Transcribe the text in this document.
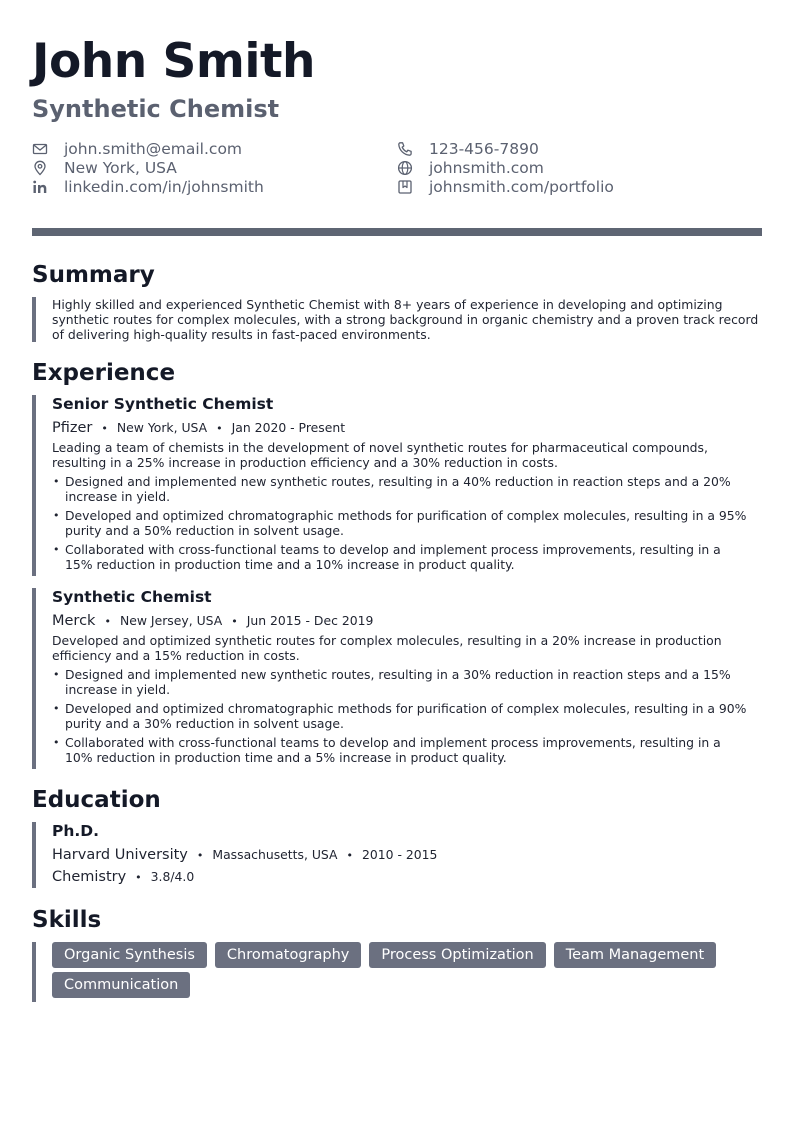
John Smith
Synthetic Chemist
john.smith@email.com
New York, USA
linkedin.com/in/johnsmith
123-456-7890
johnsmith.com
johnsmith.com/portfolio
Summary
Highly skilled and experienced Synthetic Chemist with 8+ years of experience in developing and optimizing synthetic routes for complex molecules, with a strong background in organic chemistry and a proven track record of delivering high-quality results in fast-paced environments.
Experience
Senior Synthetic Chemist
Pfizer • New York, USA • Jan 2020 - Present
Leading a team of chemists in the development of novel synthetic routes for pharmaceutical compounds, resulting in a 25% increase in production efficiency and a 30% reduction in costs.
• Designed and implemented new synthetic routes, resulting in a 40% reduction in reaction steps and a 20% increase in yield.
• Developed and optimized chromatographic methods for purification of complex molecules, resulting in a 95% purity and a 50% reduction in solvent usage.
• Collaborated with cross-functional teams to develop and implement process improvements, resulting in a 15% reduction in production time and a 10% increase in product quality.
Synthetic Chemist
Merck • New Jersey, USA • Jun 2015 - Dec 2019
Developed and optimized synthetic routes for complex molecules, resulting in a 20% increase in production efficiency and a 15% reduction in costs.
• Designed and implemented new synthetic routes, resulting in a 30% reduction in reaction steps and a 15% increase in yield.
• Developed and optimized chromatographic methods for purification of complex molecules, resulting in a 90% purity and a 30% reduction in solvent usage.
• Collaborated with cross-functional teams to develop and implement process improvements, resulting in a 10% reduction in production time and a 5% increase in product quality.
Education
Ph.D.
Harvard University • Massachusetts, USA • 2010 - 2015
Chemistry • 3.8/4.0
Skills
Organic Synthesis	Chromatography	Process Optimization	Team Management
Communication
